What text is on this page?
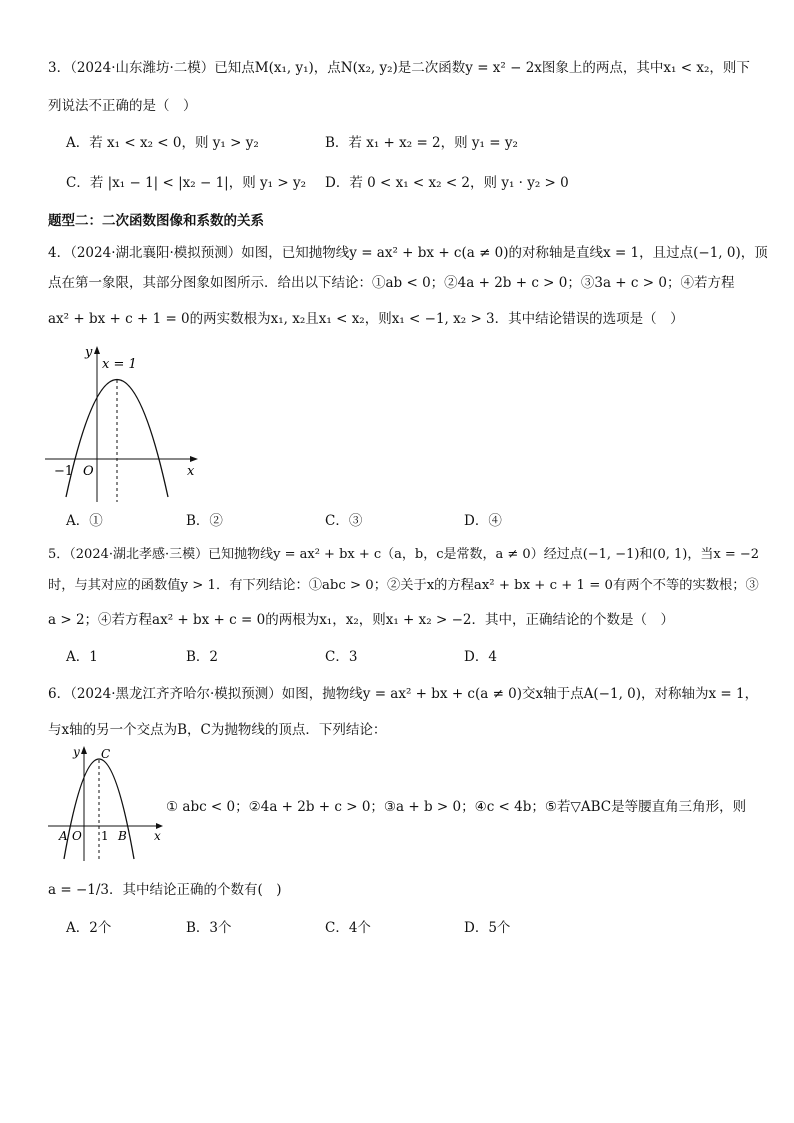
3．（2024·山东潍坊·二模）已知点M(x₁, y₁)，点N(x₂, y₂)是二次函数y = x² − 2x图象上的两点，其中x₁ < x₂，则下
列说法不正确的是（　）
A．若 x₁ < x₂ < 0，则 y₁ > y₂	B．若 x₁ + x₂ = 2，则 y₁ = y₂
C．若 |x₁ − 1| < |x₂ − 1|，则 y₁ > y₂ D．若 0 < x₁ < x₂ < 2，则 y₁ · y₂ > 0
题型二：二次函数图像和系数的关系
4．（2024·湖北襄阳·模拟预测）如图，已知抛物线y = ax² + bx + c(a ≠ 0)的对称轴是直线x = 1，且过点(−1, 0)，顶
点在第一象限，其部分图象如图所示．给出以下结论：①ab < 0；②4a + 2b + c > 0；③3a + c > 0；④若方程
ax² + bx + c + 1 = 0的两实数根为x₁, x₂且x₁ < x₂，则x₁ < −1, x₂ > 3．其中结论错误的选项是（　）
y
x
x = 1
O
−1
A．①	B．②	C．③	D．④
5．（2024·湖北孝感·三模）已知抛物线y = ax² + bx + c（a，b，c是常数，a ≠ 0）经过点(−1, −1)和(0, 1)，当x = −2
时，与其对应的函数值y > 1．有下列结论：①abc > 0；②关于x的方程ax² + bx + c + 1 = 0有两个不等的实数根；③
a > 2；④若方程ax² + bx + c = 0的两根为x₁，x₂，则x₁ + x₂ > −2．其中，正确结论的个数是（　）
A．1	B．2	C．3	D．4
6．（2024·黑龙江齐齐哈尔·模拟预测）如图，抛物线y = ax² + bx + c(a ≠ 0)交x轴于点A(−1, 0)，对称轴为x = 1，
与x轴的另一个交点为B，C为抛物线的顶点．下列结论：
y C
A O 1 B x
① abc < 0；②4a + 2b + c > 0；③a + b > 0；④c < 4b；⑤若▽ABC是等腰直角三角形，则
a = −1/3．其中结论正确的个数有(　)
A．2个	B．3个	C．4个	D．5个
